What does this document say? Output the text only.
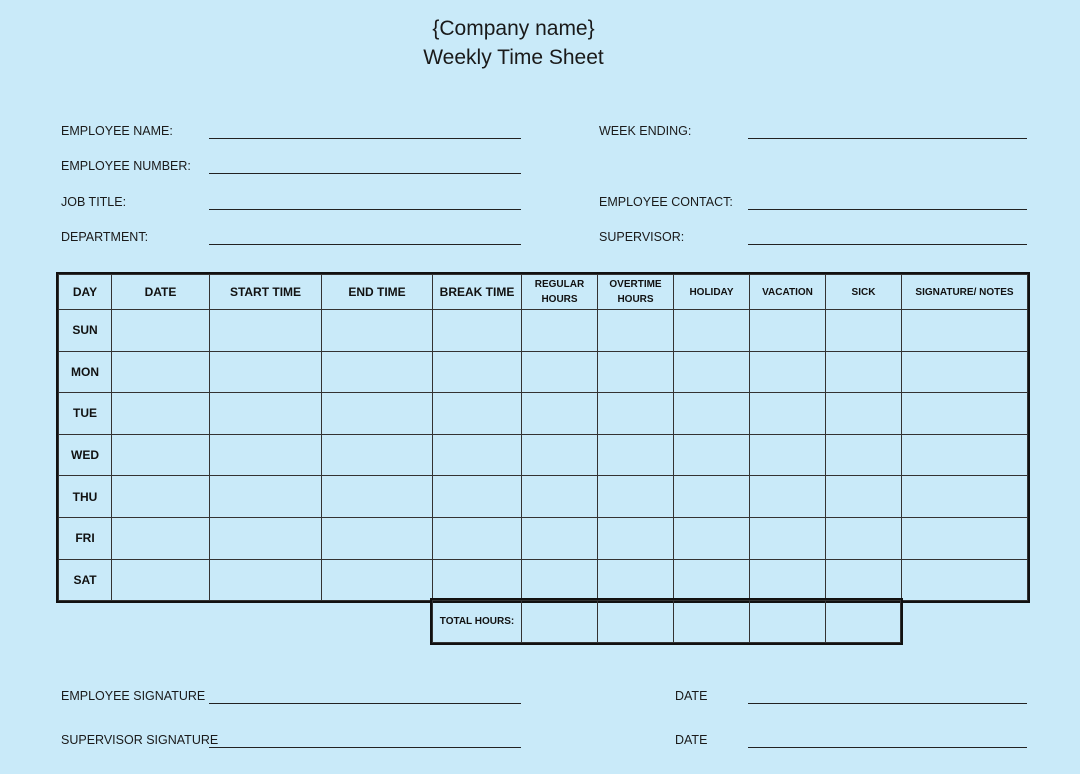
{Company name}
Weekly Time Sheet
EMPLOYEE NAME:
EMPLOYEE NUMBER:
JOB TITLE:
DEPARTMENT:
WEEK ENDING:
EMPLOYEE CONTACT:
SUPERVISOR:
DAY	DATE	START TIME	END TIME	BREAK TIME	REGULAR HOURS	OVERTIME HOURS	HOLIDAY	VACATION	SICK	SIGNATURE/ NOTES
SUN										
MON										
TUE										
WED										
THU										
FRI										
SAT										
TOTAL HOURS:					
EMPLOYEE SIGNATURE	DATE
SUPERVISOR SIGNATURE	DATE
